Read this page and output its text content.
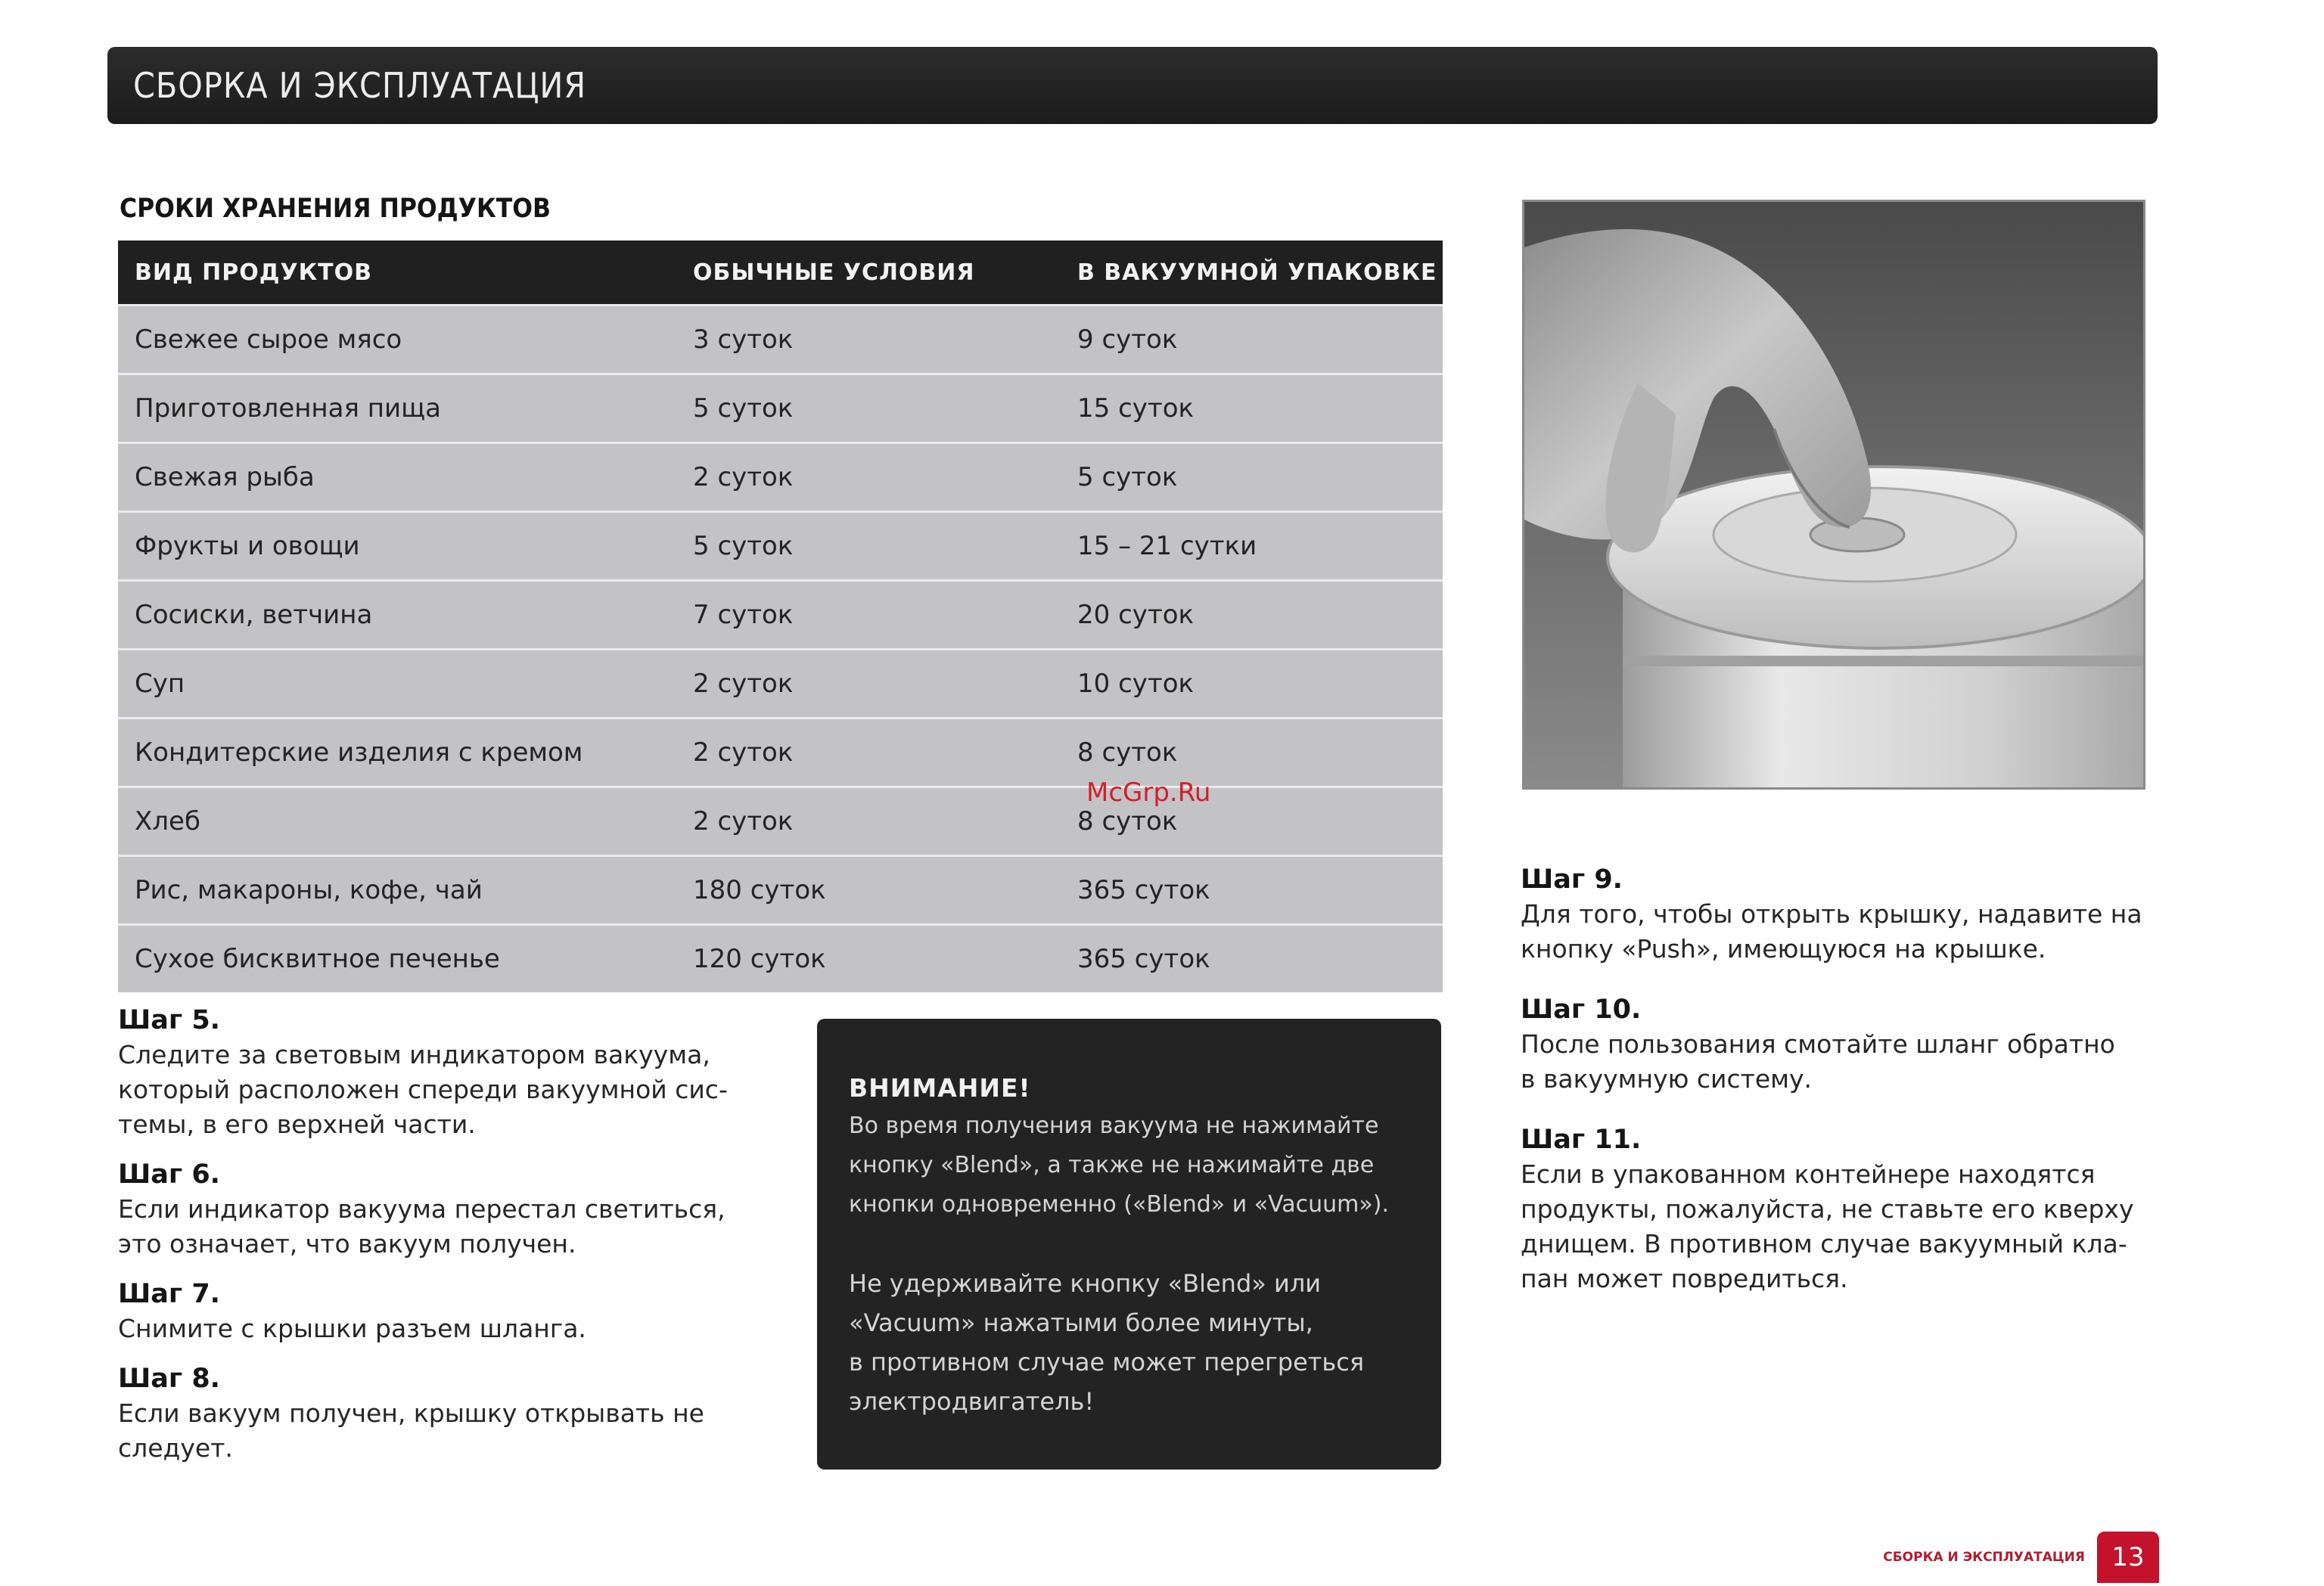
СБОРКА И ЭКСПЛУАТАЦИЯ
СРОКИ ХРАНЕНИЯ ПРОДУКТОВ
ВИД ПРОДУКТОВ	ОБЫЧНЫЕ УСЛОВИЯ	В ВАКУУМНОЙ УПАКОВКЕ
Свежее сырое мясо	3 суток	9 суток
Приготовленная пища	5 суток	15 суток
Свежая рыба	2 суток	5 суток
Фрукты и овощи	5 суток	15 – 21 сутки
Сосиски, ветчина	7 суток	20 суток
Суп	2 суток	10 суток
Кондитерские изделия с кремом	2 суток	8 суток
Хлеб	2 суток	8 суток
Рис, макароны, кофе, чай	180 суток	365 суток
Сухое бисквитное печенье	120 суток	365 суток
Шаг 5.
Следите за световым индикатором вакуума,
который расположен спереди вакуумной сис-
темы, в его верхней части.
Шаг 6.
Если индикатор вакуума перестал светиться,
это означает, что вакуум получен.
Шаг 7.
Снимите с крышки разъем шланга.
Шаг 8.
Если вакуум получен, крышку открывать не
следует.

ВНИМАНИЕ!

Во время получения вакуума не нажимайте
кнопку «Blend», а также не нажимайте две
кнопки одновременно («Blend» и «Vacuum»).

Не удерживайте кнопку «Blend» или
«Vacuum» нажатыми более минуты,
в противном случае может перегреться
электродвигатель!

Шаг 9.
Для того, чтобы открыть крышку, надавите на
кнопку «Push», имеющуюся на крышке.
Шаг 10.
После пользования смотайте шланг обратно
в вакуумную систему.
Шаг 11.
Если в упакованном контейнере находятся
продукты, пожалуйста, не ставьте его кверху
днищем. В противном случае вакуумный кла-
пан может повредиться.

McGrp.Ru

СБОРКА И ЭКСПЛУАТАЦИЯ	13
